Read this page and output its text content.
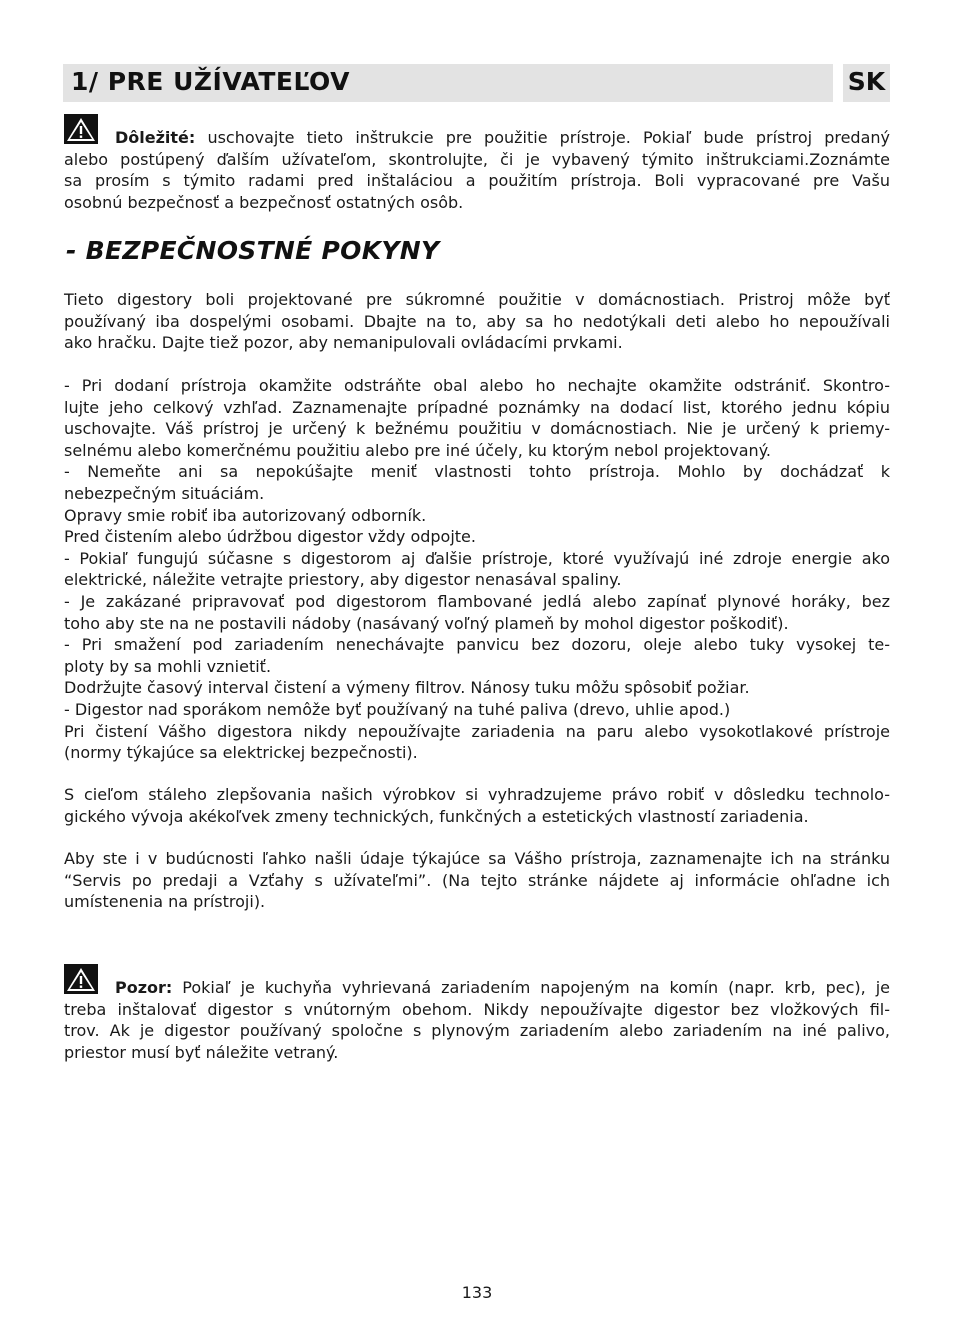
1/ PRE UŽÍVATEĽOV	SK
Dôležité: uschovajte tieto inštrukcie pre použitie prístroje. Pokiaľ bude prístroj predaný
alebo postúpený ďalším užívateľom, skontrolujte, či je vybavený týmito inštrukciami.Zoznámte
sa prosím s týmito radami pred inštaláciou a použitím prístroja. Boli vypracované pre Vašu
osobnú bezpečnosť a bezpečnosť ostatných osôb.
- BEZPEČNOSTNÉ POKYNY
Tieto digestory boli projektované pre súkromné použitie v domácnostiach. Pristroj môže byť
používaný iba dospelými osobami. Dbajte na to, aby sa ho nedotýkali deti alebo ho nepoužívali
ako hračku. Dajte tiež pozor, aby nemanipulovali ovládacími prvkami.
- Pri dodaní prístroja okamžite odstráňte obal alebo ho nechajte okamžite odstrániť. Skontro-
lujte jeho celkový vzhľad. Zaznamenajte prípadné poznámky na dodací list, ktorého jednu kópiu
uschovajte. Váš prístroj je určený k bežnému použitiu v domácnostiach. Nie je určený k priemy-
selnému alebo komerčnému použitiu alebo pre iné účely, ku ktorým nebol projektovaný.
- Nemeňte ani sa nepokúšajte meniť vlastnosti tohto prístroja. Mohlo by dochádzať k
nebezpečným situáciám.
Opravy smie robiť iba autorizovaný odborník.
Pred čistením alebo údržbou digestor vždy odpojte.
- Pokiaľ fungujú súčasne s digestorom aj ďalšie prístroje, ktoré využívajú iné zdroje energie ako
elektrické, náležite vetrajte priestory, aby digestor nenasával spaliny.
- Je zakázané pripravovať pod digestorom flambované jedlá alebo zapínať plynové horáky, bez
toho aby ste na ne postavili nádoby (nasávaný voľný plameň by mohol digestor poškodiť).
- Pri smažení pod zariadením nenechávajte panvicu bez dozoru, oleje alebo tuky vysokej te-
ploty by sa mohli vznietiť.
Dodržujte časový interval čistení a výmeny filtrov. Nánosy tuku môžu spôsobiť požiar.
- Digestor nad sporákom nemôže byť používaný na tuhé paliva (drevo, uhlie apod.)
Pri čistení Vášho digestora nikdy nepoužívajte zariadenia na paru alebo vysokotlakové prístroje
(normy týkajúce sa elektrickej bezpečnosti).
S cieľom stáleho zlepšovania našich výrobkov si vyhradzujeme právo robiť v dôsledku technolo-
gického vývoja akékoľvek zmeny technických, funkčných a estetických vlastností zariadenia.
Aby ste i v budúcnosti ľahko našli údaje týkajúce sa Vášho prístroja, zaznamenajte ich na stránku
“Servis po predaji a Vzťahy s užívateľmi”. (Na tejto stránke nájdete aj informácie ohľadne ich
umístenenia na prístroji).
Pozor: Pokiaľ je kuchyňa vyhrievaná zariadením napojeným na komín (napr. krb, pec), je
treba inštalovať digestor s vnútorným obehom. Nikdy nepoužívajte digestor bez vložkových fil-
trov. Ak je digestor používaný spoločne s plynovým zariadením alebo zariadením na iné palivo,
priestor musí byť náležite vetraný.
133
